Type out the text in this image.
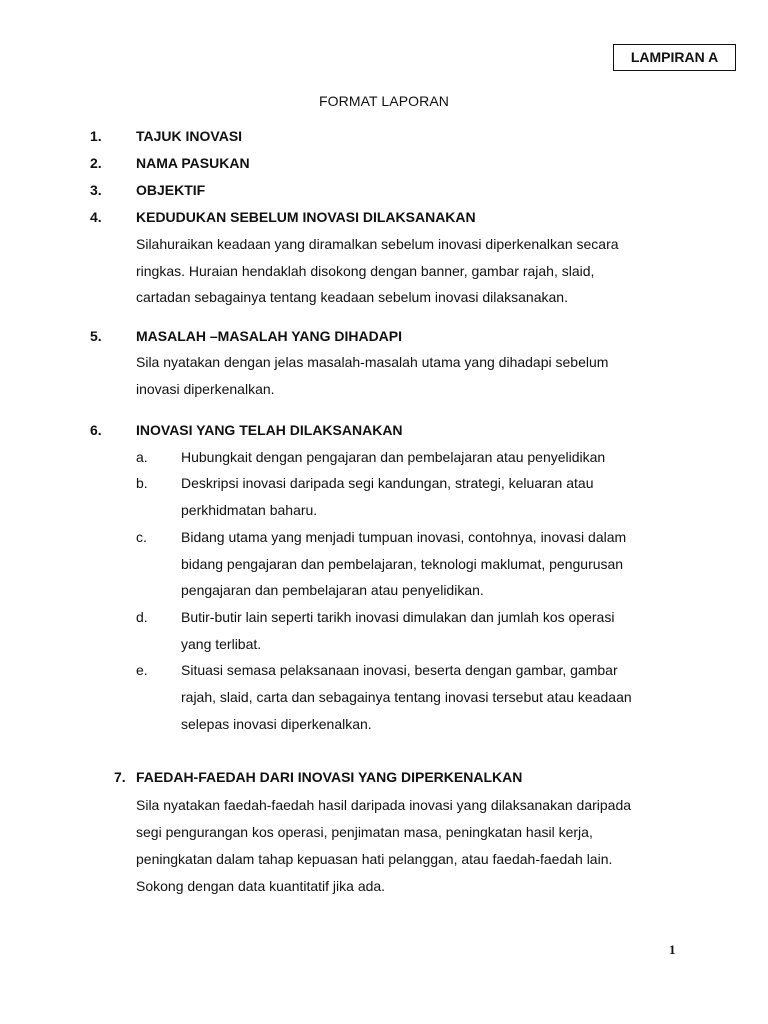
LAMPIRAN A
FORMAT LAPORAN
1. TAJUK INOVASI
2. NAMA PASUKAN
3. OBJEKTIF
4. KEDUDUKAN SEBELUM INOVASI DILAKSANAKAN
Silahuraikan keadaan yang diramalkan sebelum inovasi diperkenalkan secara
ringkas. Huraian hendaklah disokong dengan banner, gambar rajah, slaid,
cartadan sebagainya tentang keadaan sebelum inovasi dilaksanakan.
5. MASALAH –MASALAH YANG DIHADAPI
Sila nyatakan dengan jelas masalah-masalah utama yang dihadapi sebelum
inovasi diperkenalkan.
6. INOVASI YANG TELAH DILAKSANAKAN
a. Hubungkait dengan pengajaran dan pembelajaran atau penyelidikan
b. Deskripsi inovasi daripada segi kandungan, strategi, keluaran atau
perkhidmatan baharu.
c. Bidang utama yang menjadi tumpuan inovasi, contohnya, inovasi dalam
bidang pengajaran dan pembelajaran, teknologi maklumat, pengurusan
pengajaran dan pembelajaran atau penyelidikan.
d. Butir-butir lain seperti tarikh inovasi dimulakan dan jumlah kos operasi
yang terlibat.
e. Situasi semasa pelaksanaan inovasi, beserta dengan gambar, gambar
rajah, slaid, carta dan sebagainya tentang inovasi tersebut atau keadaan
selepas inovasi diperkenalkan.
7. FAEDAH-FAEDAH DARI INOVASI YANG DIPERKENALKAN
Sila nyatakan faedah-faedah hasil daripada inovasi yang dilaksanakan daripada
segi pengurangan kos operasi, penjimatan masa, peningkatan hasil kerja,
peningkatan dalam tahap kepuasan hati pelanggan, atau faedah-faedah lain.
Sokong dengan data kuantitatif jika ada.
1
